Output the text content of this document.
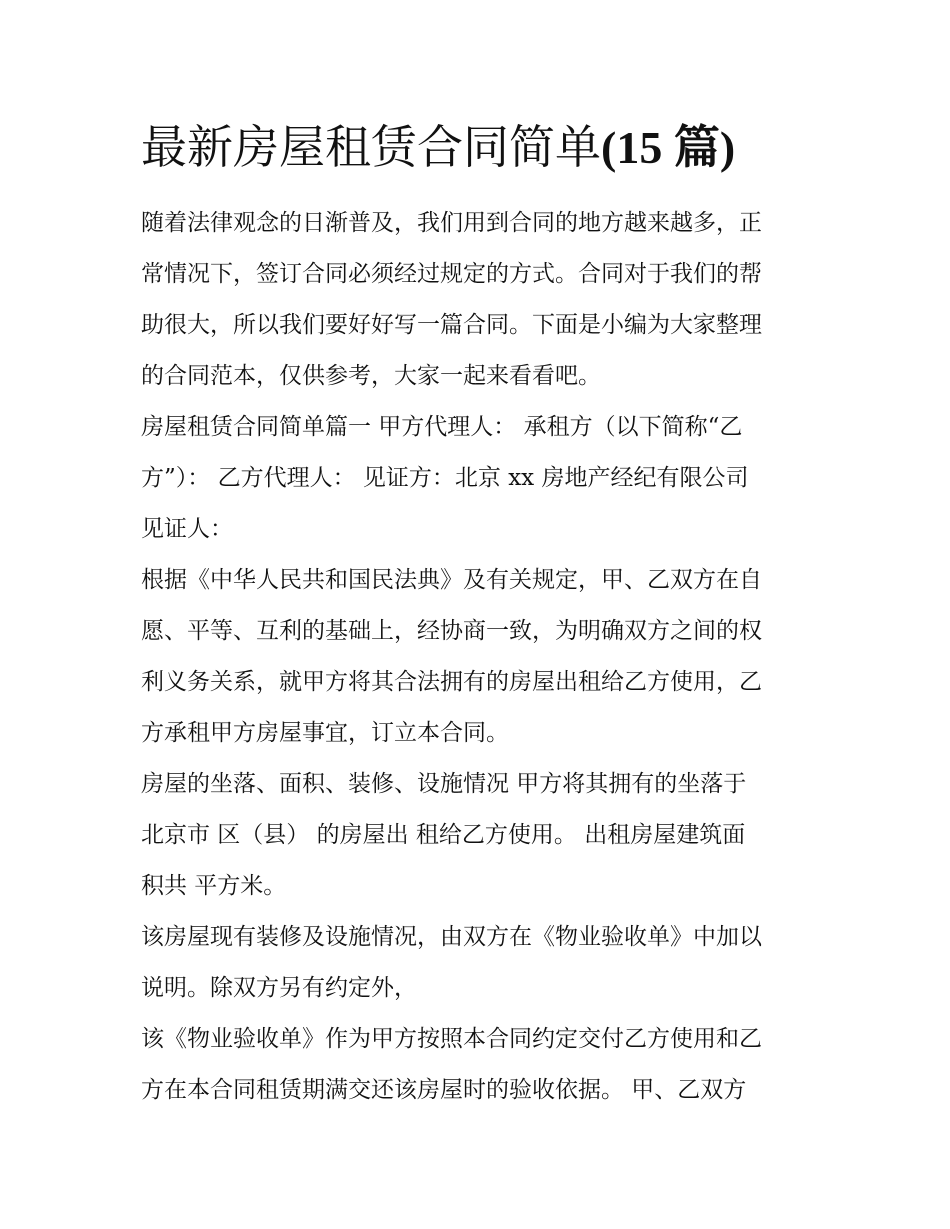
最新房屋租赁合同简单(15 篇)
随着法律观念的日渐普及，我们用到合同的地方越来越多，正
常情况下，签订合同必须经过规定的方式。合同对于我们的帮
助很大，所以我们要好好写一篇合同。下面是小编为大家整理
的合同范本，仅供参考，大家一起来看看吧。
房屋租赁合同简单篇一 甲方代理人： 承租方（以下简称“乙
方”）： 乙方代理人： 见证方：北京 xx 房地产经纪有限公司
见证人：
根据《中华人民共和国民法典》及有关规定，甲、乙双方在自
愿、平等、互利的基础上，经协商一致，为明确双方之间的权
利义务关系，就甲方将其合法拥有的房屋出租给乙方使用，乙
方承租甲方房屋事宜，订立本合同。
房屋的坐落、面积、装修、设施情况 甲方将其拥有的坐落于
北京市 区（县） 的房屋出 租给乙方使用。 出租房屋建筑面
积共 平方米。
该房屋现有装修及设施情况，由双方在《物业验收单》中加以
说明。除双方另有约定外，
该《物业验收单》作为甲方按照本合同约定交付乙方使用和乙
方在本合同租赁期满交还该房屋时的验收依据。 甲、乙双方
